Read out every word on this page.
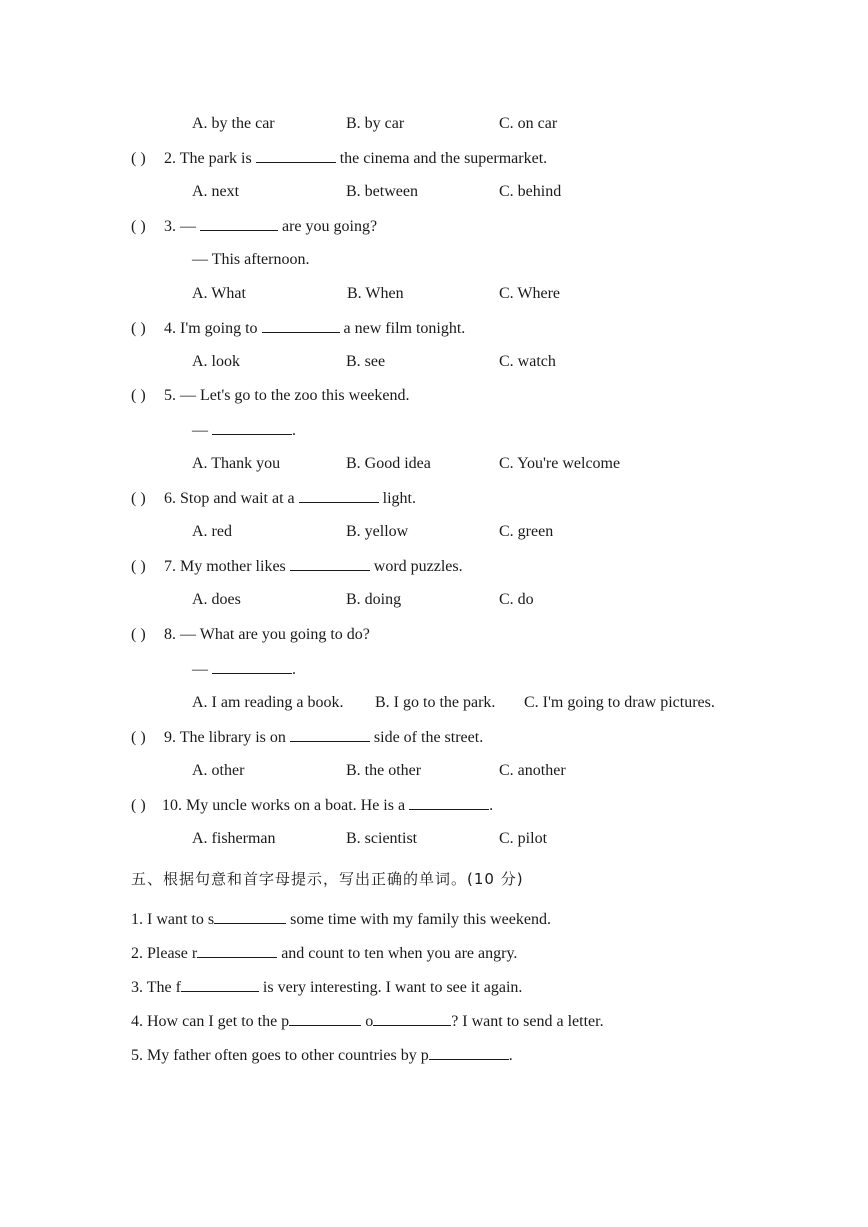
A. by the car	B. by car	C. on car
( ) 2. The park is	the cinema and the supermarket.
A. next	B. between	C. behind
( ) 3. —	are you going?
— This afternoon.
A. What	B. When	C. Where
( ) 4. I'm going to	a new film tonight.
A. look	B. see	C. watch
( ) 5. — Let's go to the zoo this weekend.
—	.
A. Thank you	B. Good idea	C. You're welcome
( ) 6. Stop and wait at a	light.
A. red	B. yellow	C. green
( ) 7. My mother likes	word puzzles.
A. does	B. doing	C. do
( ) 8. — What are you going to do?
—	.
A. I am reading a book. B. I go to the park. C. I'm going to draw pictures.
( ) 9. The library is on	side of the street.
A. other	B. the other	C. another
( ) 10. My uncle works on a boat. He is a	.
A. fisherman	B. scientist	C. pilot
五、根据句意和首字母提示，写出正确的单词。(10 分)
1. I want to s	some time with my family this weekend.
2. Please r	and count to ten when you are angry.
3. The f	is very interesting. I want to see it again.
4. How can I get to the p	o	? I want to send a letter.
5. My father often goes to other countries by p	.
